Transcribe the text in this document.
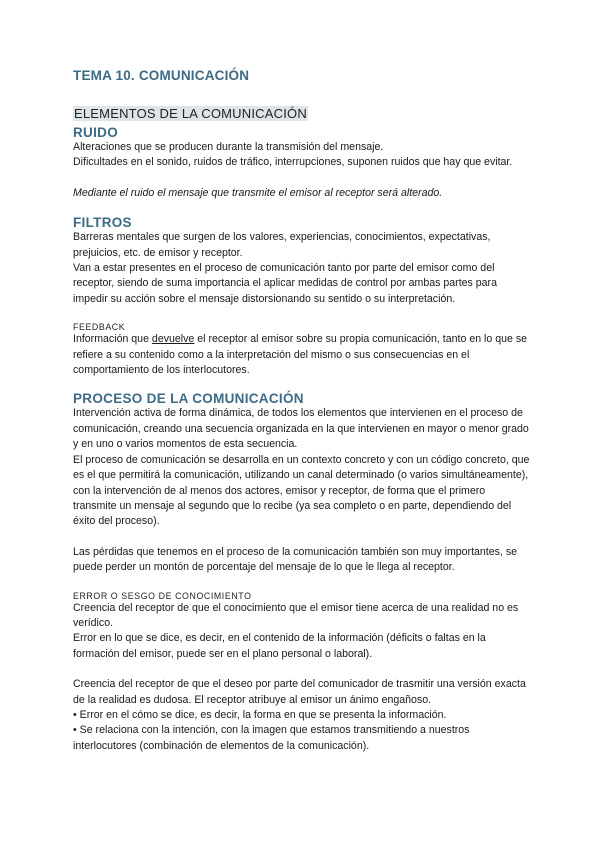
TEMA 10. COMUNICACIÓN
ELEMENTOS DE LA COMUNICACIÓN
RUIDO

Alteraciones que se producen durante la transmisión del mensaje.

Dificultades en el sonido, ruidos de tráfico, interrupciones, suponen ruidos que hay que evitar.

Mediante el ruido el mensaje que transmite el emisor al receptor será alterado.

FILTROS

Barreras mentales que surgen de los valores, experiencias, conocimientos, expectativas, prejuicios, etc. de emisor y receptor.

Van a estar presentes en el proceso de comunicación tanto por parte del emisor como del receptor, siendo de suma importancia el aplicar medidas de control por ambas partes para impedir su acción sobre el mensaje distorsionando su sentido o su interpretación.

FEEDBACK

Información que devuelve el receptor al emisor sobre su propia comunicación, tanto en lo que se refiere a su contenido como a la interpretación del mismo o sus consecuencias en el comportamiento de los interlocutores.

PROCESO DE LA COMUNICACIÓN

Intervención activa de forma dinámica, de todos los elementos que intervienen en el proceso de comunicación, creando una secuencia organizada en la que intervienen en mayor o menor grado y en uno o varios momentos de esta secuencia.

El proceso de comunicación se desarrolla en un contexto concreto y con un código concreto, que es el que permitirá la comunicación, utilizando un canal determinado (o varios simultáneamente), con la intervención de al menos dos actores, emisor y receptor, de forma que el primero transmite un mensaje al segundo que lo recibe (ya sea completo o en parte, dependiendo del éxito del proceso).

Las pérdidas que tenemos en el proceso de la comunicación también son muy importantes, se puede perder un montón de porcentaje del mensaje de lo que le llega al receptor.

ERROR O SESGO DE CONOCIMIENTO

Creencia del receptor de que el conocimiento que el emisor tiene acerca de una realidad no es verídico.

Error en lo que se dice, es decir, en el contenido de la información (déficits o faltas en la formación del emisor, puede ser en el plano personal o laboral).

Creencia del receptor de que el deseo por parte del comunicador de trasmitir una versión exacta de la realidad es dudosa. El receptor atribuye al emisor un ánimo engañoso.

• Error en el cómo se dice, es decir, la forma en que se presenta la información.

• Se relaciona con la intención, con la imagen que estamos transmitiendo a nuestros interlocutores (combinación de elementos de la comunicación).
